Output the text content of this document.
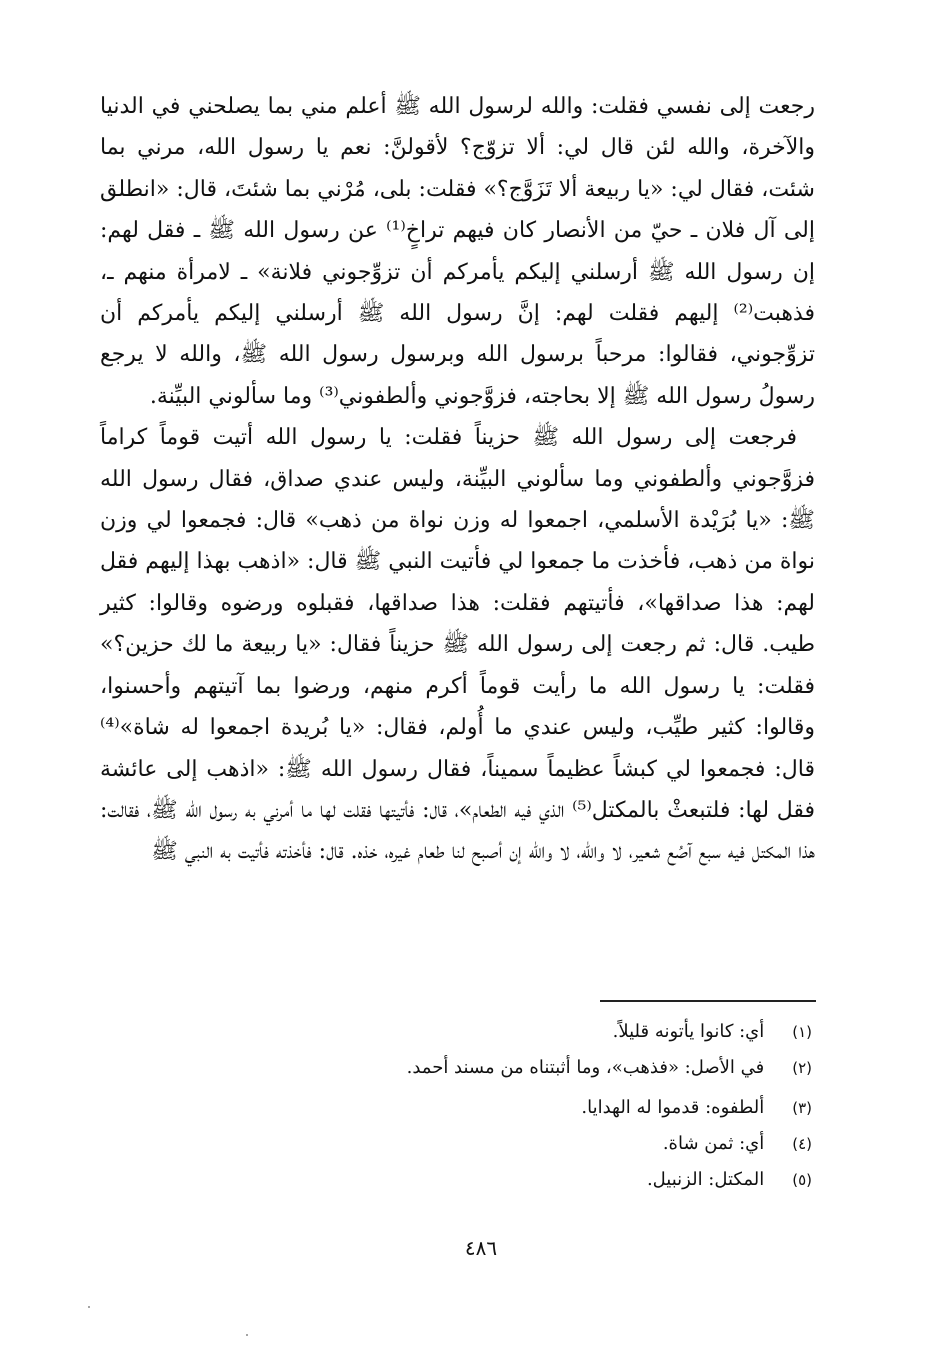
رجعت إلى نفسي فقلت: والله لرسول الله ﷺ أعلم مني بما يصلحني في الدنيا والآخرة، والله لئن قال لي: ألا تزوّج؟ لأقولنَّ: نعم يا رسول الله، مرني بما شئت، فقال لي: «يا ربيعة ألا تَزَوَّج؟» فقلت: بلى، مُرْني بما شئتَ، قال: «انطلق إلى آل فلان ـ حيّ من الأنصار كان فيهم تراخٍ⁽¹⁾ عن رسول الله ﷺ ـ فقل لهم: إن رسول الله ﷺ أرسلني إليكم يأمركم أن تزوِّجوني فلانة» ـ لامرأة منهم ـ، فذهبت⁽²⁾ إليهم فقلت لهم: إنَّ رسول الله ﷺ أرسلني إليكم يأمركم أن تزوِّجوني، فقالوا: مرحباً برسول الله وبرسول رسول الله ﷺ، والله لا يرجع رسولُ رسول الله ﷺ إلا بحاجته، فزوَّجوني وألطفوني⁽³⁾ وما سألوني البيِّنة.

فرجعت إلى رسول الله ﷺ حزيناً فقلت: يا رسول الله أتيت قوماً كراماً فزوَّجوني وألطفوني وما سألوني البيِّنة، وليس عندي صداق، فقال رسول الله ﷺ: «يا بُرَيْدة الأسلمي، اجمعوا له وزن نواة من ذهب» قال: فجمعوا لي وزن نواة من ذهب، فأخذت ما جمعوا لي فأتيت النبي ﷺ قال: «اذهب بهذا إليهم فقل لهم: هذا صداقها»، فأتيتهم فقلت: هذا صداقها، فقبلوه ورضوه وقالوا: كثير طيب. قال: ثم رجعت إلى رسول الله ﷺ حزيناً فقال: «يا ربيعة ما لك حزين؟» فقلت: يا رسول الله ما رأيت قوماً أكرم منهم، ورضوا بما آتيتهم وأحسنوا، وقالوا: كثير طيِّب، وليس عندي ما أُولم، فقال: «يا بُريدة اجمعوا له شاة»⁽⁴⁾ قال: فجمعوا لي كبشاً عظيماً سميناً، فقال رسول الله ﷺ: «اذهب إلى عائشة فقل لها: فلتبعثْ بالمكتل⁽⁵⁾ الذي فيه الطعام»، قال: فأتيتها فقلت لها ما أمرني به رسول الله ﷺ، فقالت: هذا المكتل فيه سبع آصُع شعير، لا والله، لا والله إن أصبح لنا طعام غيره، خذه. قال: فأخذته فأتيت به النبي ﷺ

(١) أي: كانوا يأتونه قليلاً.
(٢) في الأصل: «فذهب»، وما أثبتناه من مسند أحمد.
(٣) ألطفوه: قدموا له الهدايا.
(٤) أي: ثمن شاة.
(٥) المكتل: الزنبيل.
٤٨٦
